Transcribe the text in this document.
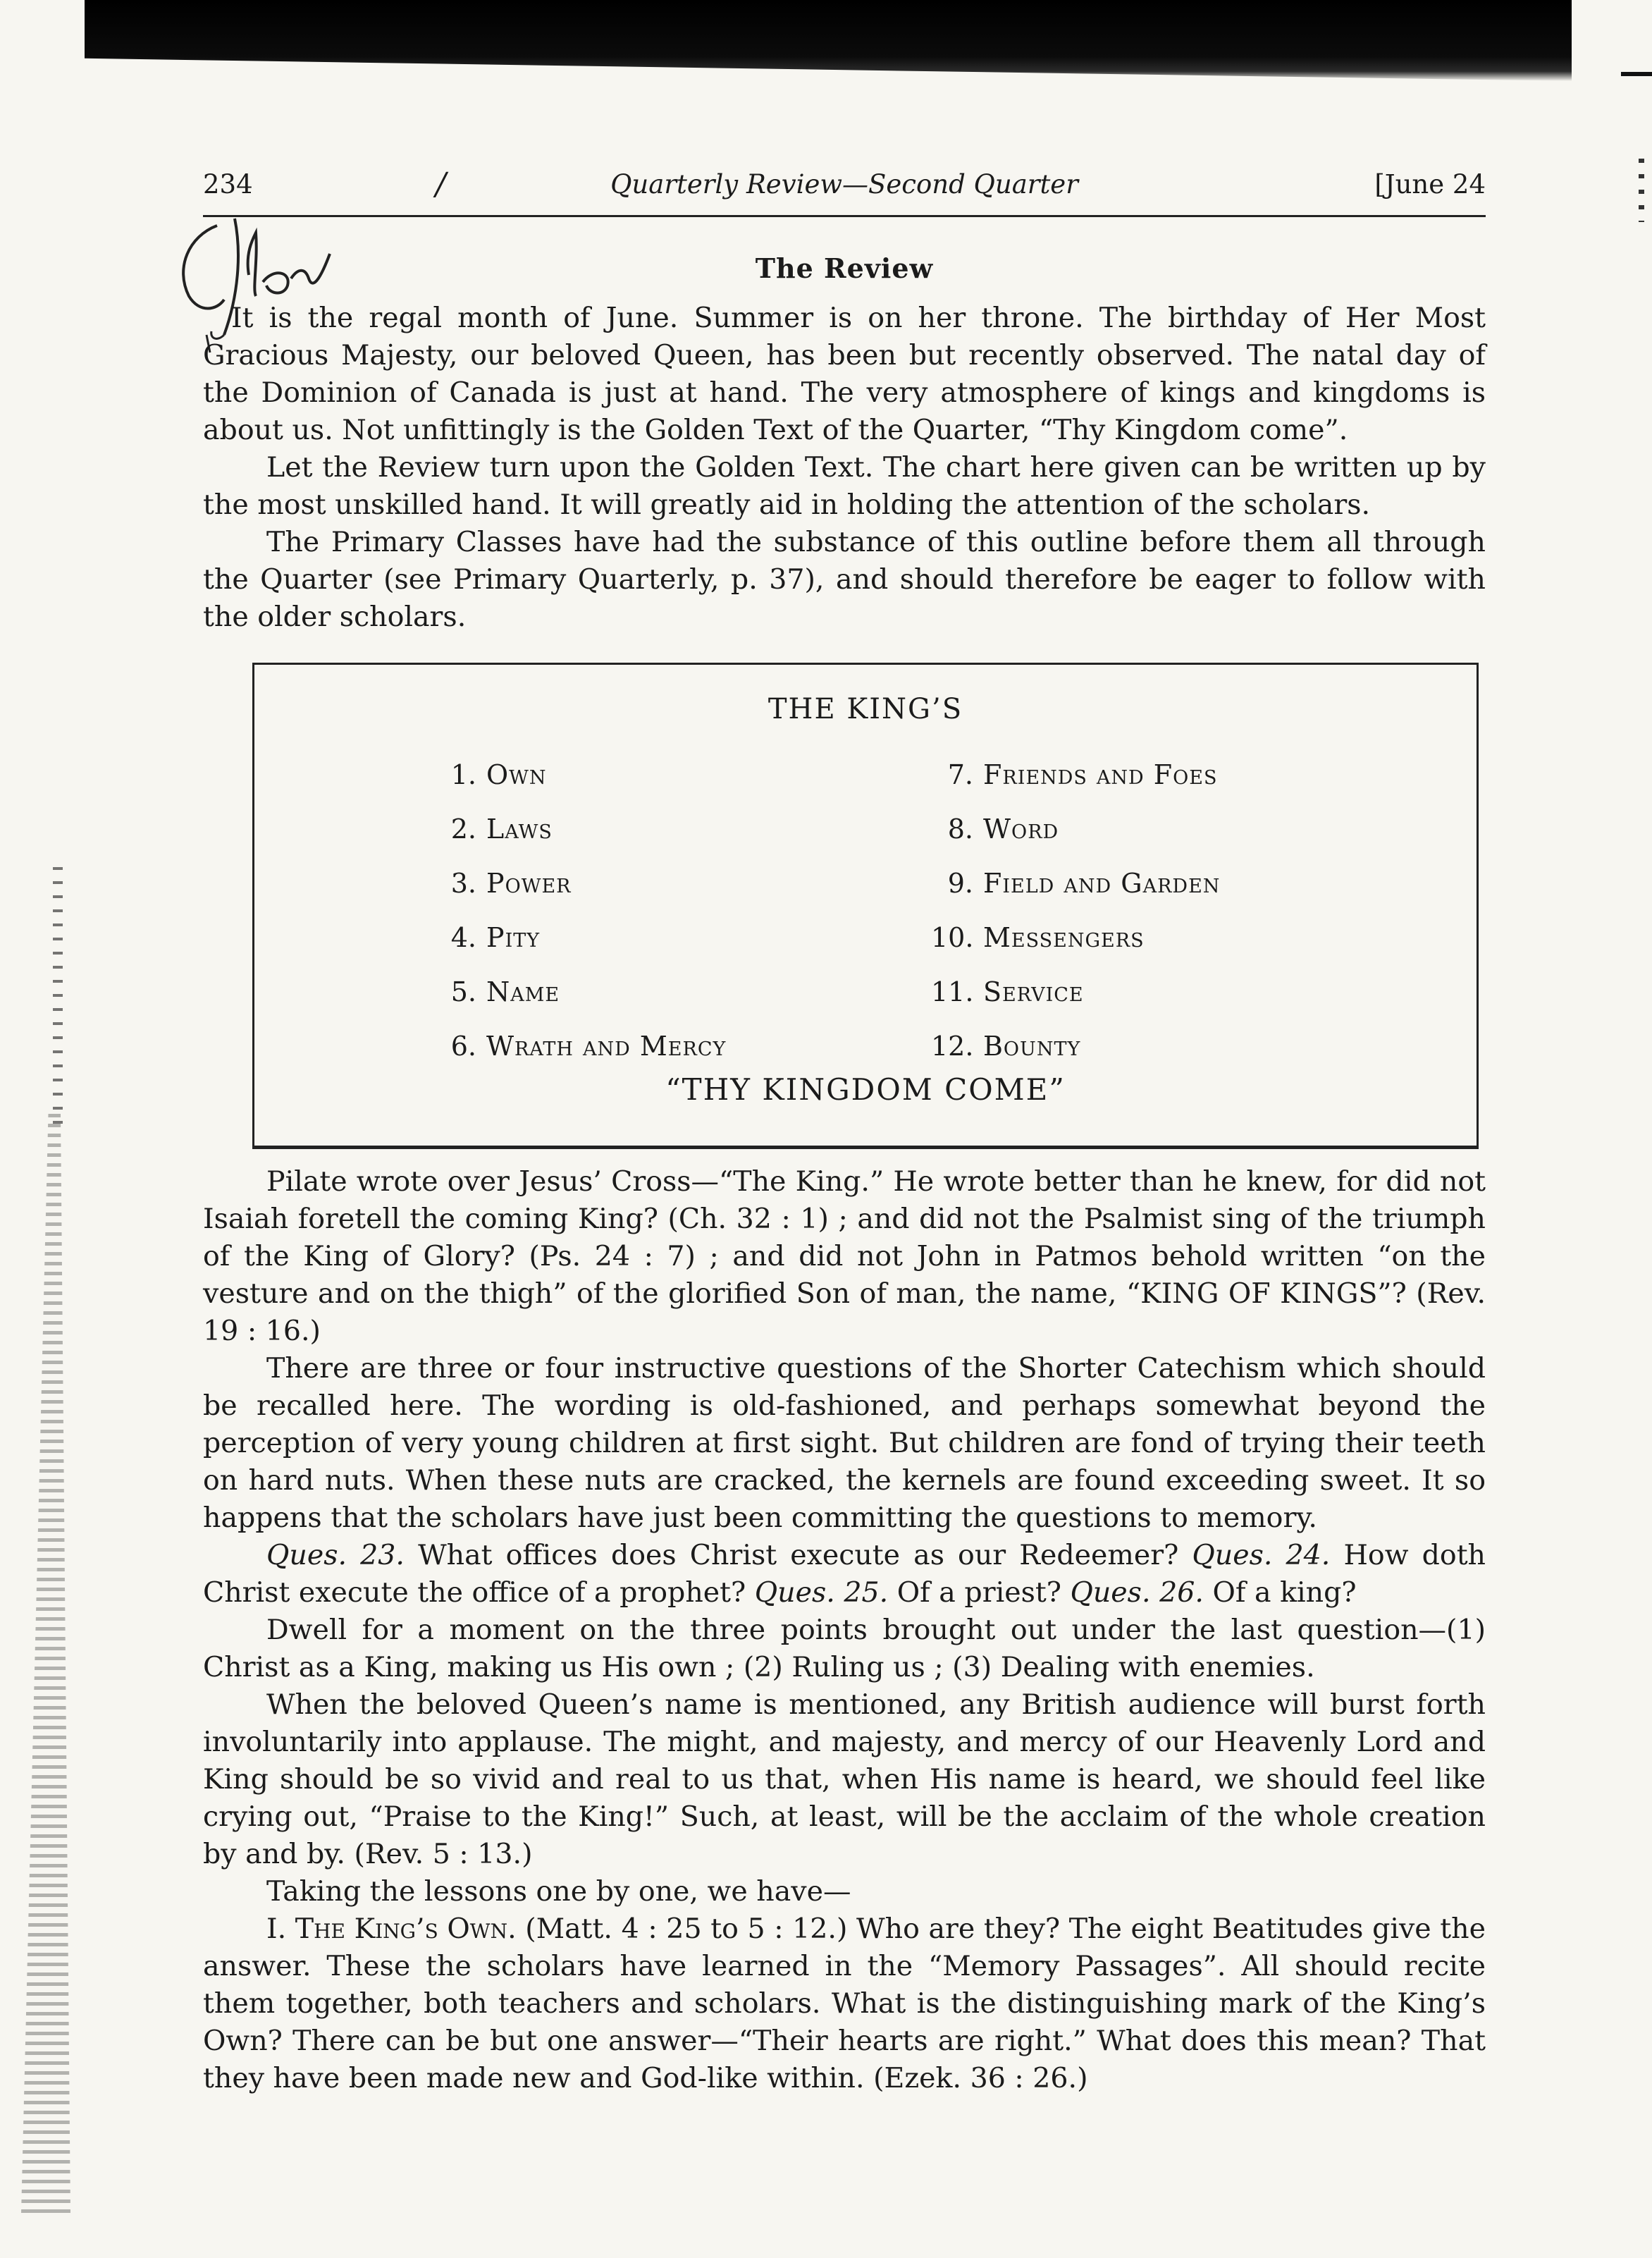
234	/	Quarterly Review—Second Quarter	[June 24
The Review

It is the regal month of June. Summer is on her throne. The birthday of Her Most Gracious Majesty, our beloved Queen, has been but recently observed. The natal day of the Dominion of Canada is just at hand. The very atmosphere of kings and kingdoms is about us. Not unfittingly is the Golden Text of the Quarter, “Thy Kingdom come”.

Let the Review turn upon the Golden Text. The chart here given can be written up by the most unskilled hand. It will greatly aid in holding the attention of the scholars.

The Primary Classes have had the substance of this outline before them all through the Quarter (see Primary Quarterly, p. 37), and should therefore be eager to follow with the older scholars.

THE KING’S
1. Own
2. Laws
3. Power
4. Pity
5. Name
6. Wrath and Mercy
7. Friends and Foes
8. Word
9. Field and Garden
10. Messengers
11. Service
12. Bounty
“THY KINGDOM COME”

Pilate wrote over Jesus’ Cross—“The King.” He wrote better than he knew, for did not Isaiah foretell the coming King? (Ch. 32 : 1) ; and did not the Psalmist sing of the triumph of the King of Glory? (Ps. 24 : 7) ; and did not John in Patmos behold written “on the vesture and on the thigh” of the glorified Son of man, the name, “KING OF KINGS”? (Rev. 19 : 16.)

There are three or four instructive questions of the Shorter Catechism which should be recalled here. The wording is old-fashioned, and perhaps somewhat beyond the perception of very young children at first sight. But children are fond of trying their teeth on hard nuts. When these nuts are cracked, the kernels are found exceeding sweet. It so happens that the scholars have just been committing the questions to memory.

Ques. 23. What offices does Christ execute as our Redeemer? Ques. 24. How doth Christ execute the office of a prophet? Ques. 25. Of a priest? Ques. 26. Of a king?

Dwell for a moment on the three points brought out under the last question—(1) Christ as a King, making us His own ; (2) Ruling us ; (3) Dealing with enemies.

When the beloved Queen’s name is mentioned, any British audience will burst forth involuntarily into applause. The might, and majesty, and mercy of our Heavenly Lord and King should be so vivid and real to us that, when His name is heard, we should feel like crying out, “Praise to the King!” Such, at least, will be the acclaim of the whole creation by and by. (Rev. 5 : 13.)

Taking the lessons one by one, we have—

I. The King’s Own. (Matt. 4 : 25 to 5 : 12.) Who are they? The eight Beatitudes give the answer. These the scholars have learned in the “Memory Passages”. All should recite them together, both teachers and scholars. What is the distinguishing mark of the King’s Own? There can be but one answer—“Their hearts are right.” What does this mean? That they have been made new and God-like within. (Ezek. 36 : 26.)
